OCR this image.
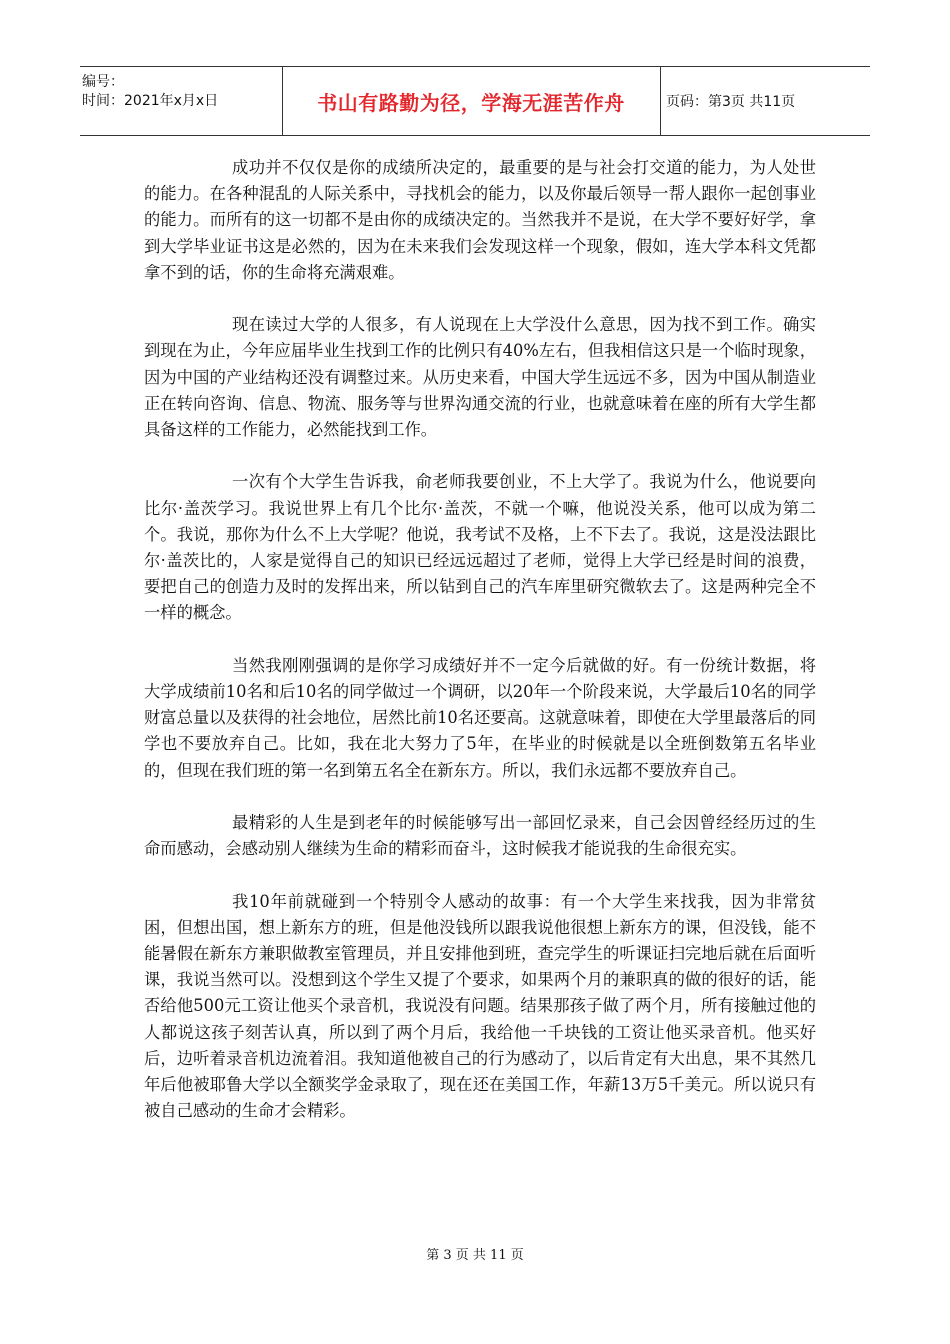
编号：
时间：2021年x月x日	书山有路勤为径，学海无涯苦作舟	页码：第3页 共11页

成功并不仅仅是你的成绩所决定的，最重要的是与社会打交道的能力，为人处世的能力。在各种混乱的人际关系中，寻找机会的能力，以及你最后领导一帮人跟你一起创事业的能力。而所有的这一切都不是由你的成绩决定的。当然我并不是说，在大学不要好好学，拿到大学毕业证书这是必然的，因为在未来我们会发现这样一个现象，假如，连大学本科文凭都拿不到的话，你的生命将充满艰难。

现在读过大学的人很多，有人说现在上大学没什么意思，因为找不到工作。确实到现在为止，今年应届毕业生找到工作的比例只有40%左右，但我相信这只是一个临时现象，因为中国的产业结构还没有调整过来。从历史来看，中国大学生远远不多，因为中国从制造业正在转向咨询、信息、物流、服务等与世界沟通交流的行业，也就意味着在座的所有大学生都具备这样的工作能力，必然能找到工作。

一次有个大学生告诉我，俞老师我要创业，不上大学了。我说为什么，他说要向比尔·盖茨学习。我说世界上有几个比尔·盖茨，不就一个嘛，他说没关系，他可以成为第二个。我说，那你为什么不上大学呢？他说，我考试不及格，上不下去了。我说，这是没法跟比尔·盖茨比的，人家是觉得自己的知识已经远远超过了老师，觉得上大学已经是时间的浪费，要把自己的创造力及时的发挥出来，所以钻到自己的汽车库里研究微软去了。这是两种完全不一样的概念。

当然我刚刚强调的是你学习成绩好并不一定今后就做的好。有一份统计数据，将大学成绩前10名和后10名的同学做过一个调研，以20年一个阶段来说，大学最后10名的同学财富总量以及获得的社会地位，居然比前10名还要高。这就意味着，即使在大学里最落后的同学也不要放弃自己。比如，我在北大努力了5年，在毕业的时候就是以全班倒数第五名毕业的，但现在我们班的第一名到第五名全在新东方。所以，我们永远都不要放弃自己。

最精彩的人生是到老年的时候能够写出一部回忆录来，自己会因曾经经历过的生命而感动，会感动别人继续为生命的精彩而奋斗，这时候我才能说我的生命很充实。

我10年前就碰到一个特别令人感动的故事：有一个大学生来找我，因为非常贫困，但想出国，想上新东方的班，但是他没钱所以跟我说他很想上新东方的课，但没钱，能不能暑假在新东方兼职做教室管理员，并且安排他到班，查完学生的听课证扫完地后就在后面听课，我说当然可以。没想到这个学生又提了个要求，如果两个月的兼职真的做的很好的话，能否给他500元工资让他买个录音机，我说没有问题。结果那孩子做了两个月，所有接触过他的人都说这孩子刻苦认真，所以到了两个月后，我给他一千块钱的工资让他买录音机。他买好后，边听着录音机边流着泪。我知道他被自己的行为感动了，以后肯定有大出息，果不其然几年后他被耶鲁大学以全额奖学金录取了，现在还在美国工作，年薪13万5千美元。所以说只有被自己感动的生命才会精彩。

第 3 页 共 11 页
